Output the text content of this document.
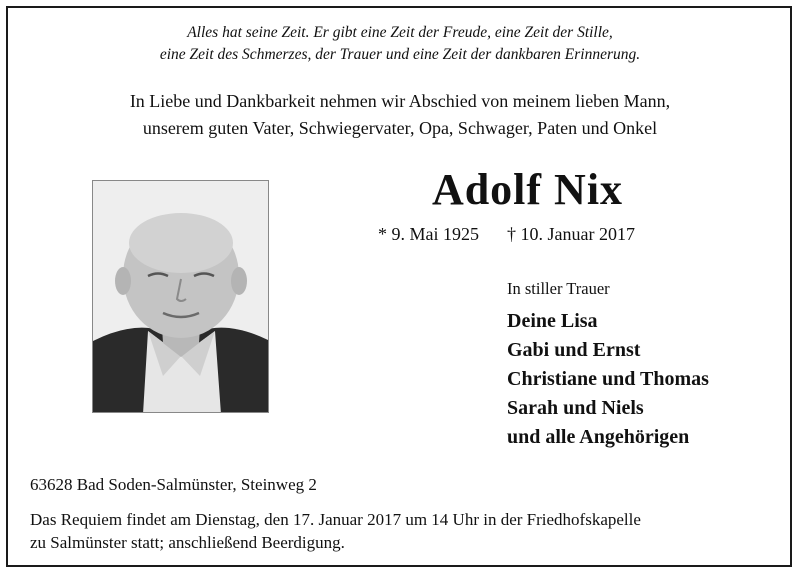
Alles hat seine Zeit. Er gibt eine Zeit der Freude, eine Zeit der Stille,
eine Zeit des Schmerzes, der Trauer und eine Zeit der dankbaren Erinnerung.
In Liebe und Dankbarkeit nehmen wir Abschied von meinem lieben Mann,
unserem guten Vater, Schwiegervater, Opa, Schwager, Paten und Onkel
Adolf Nix
* 9. Mai 1925 † 10. Januar 2017
In stiller Trauer
Deine Lisa
Gabi und Ernst
Christiane und Thomas
Sarah und Niels
und alle Angehörigen
63628 Bad Soden-Salmünster, Steinweg 2
Das Requiem findet am Dienstag, den 17. Januar 2017 um 14 Uhr in der Friedhofskapelle
zu Salmünster statt; anschließend Beerdigung.
